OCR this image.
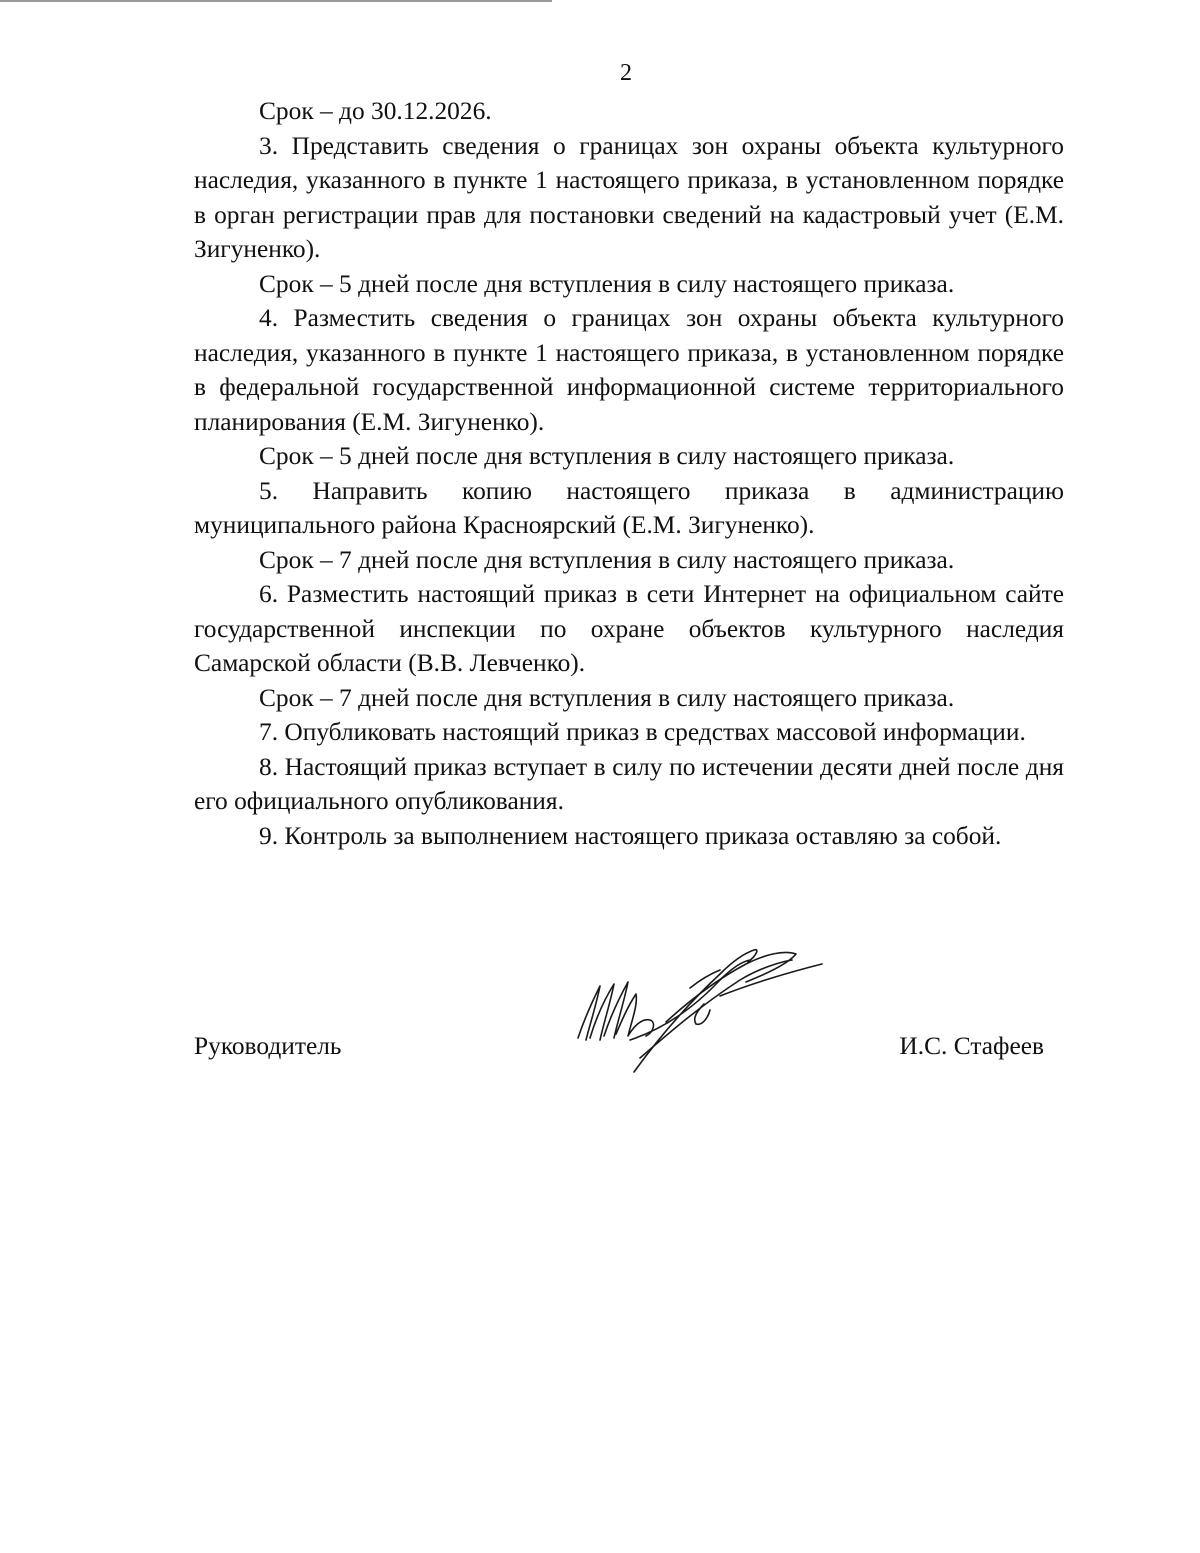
2

Срок – до 30.12.2026.

3. Представить сведения о границах зон охраны объекта культурного наследия, указанного в пункте 1 настоящего приказа, в установленном порядке в орган регистрации прав для постановки сведений на кадастровый учет (Е.М. Зигуненко).

Срок – 5 дней после дня вступления в силу настоящего приказа.

4. Разместить сведения о границах зон охраны объекта культурного наследия, указанного в пункте 1 настоящего приказа, в установленном порядке в федеральной государственной информационной системе территориального планирования (Е.М. Зигуненко).

Срок – 5 дней после дня вступления в силу настоящего приказа.

5. Направить копию настоящего приказа в администрацию муниципального района Красноярский (Е.М. Зигуненко).

Срок – 7 дней после дня вступления в силу настоящего приказа.

6. Разместить настоящий приказ в сети Интернет на официальном сайте государственной инспекции по охране объектов культурного наследия Самарской области (В.В. Левченко).

Срок – 7 дней после дня вступления в силу настоящего приказа.

7. Опубликовать настоящий приказ в средствах массовой информации.

8. Настоящий приказ вступает в силу по истечении десяти дней после дня его официального опубликования.

9. Контроль за выполнением настоящего приказа оставляю за собой.

Руководитель	И.С. Стафеев
